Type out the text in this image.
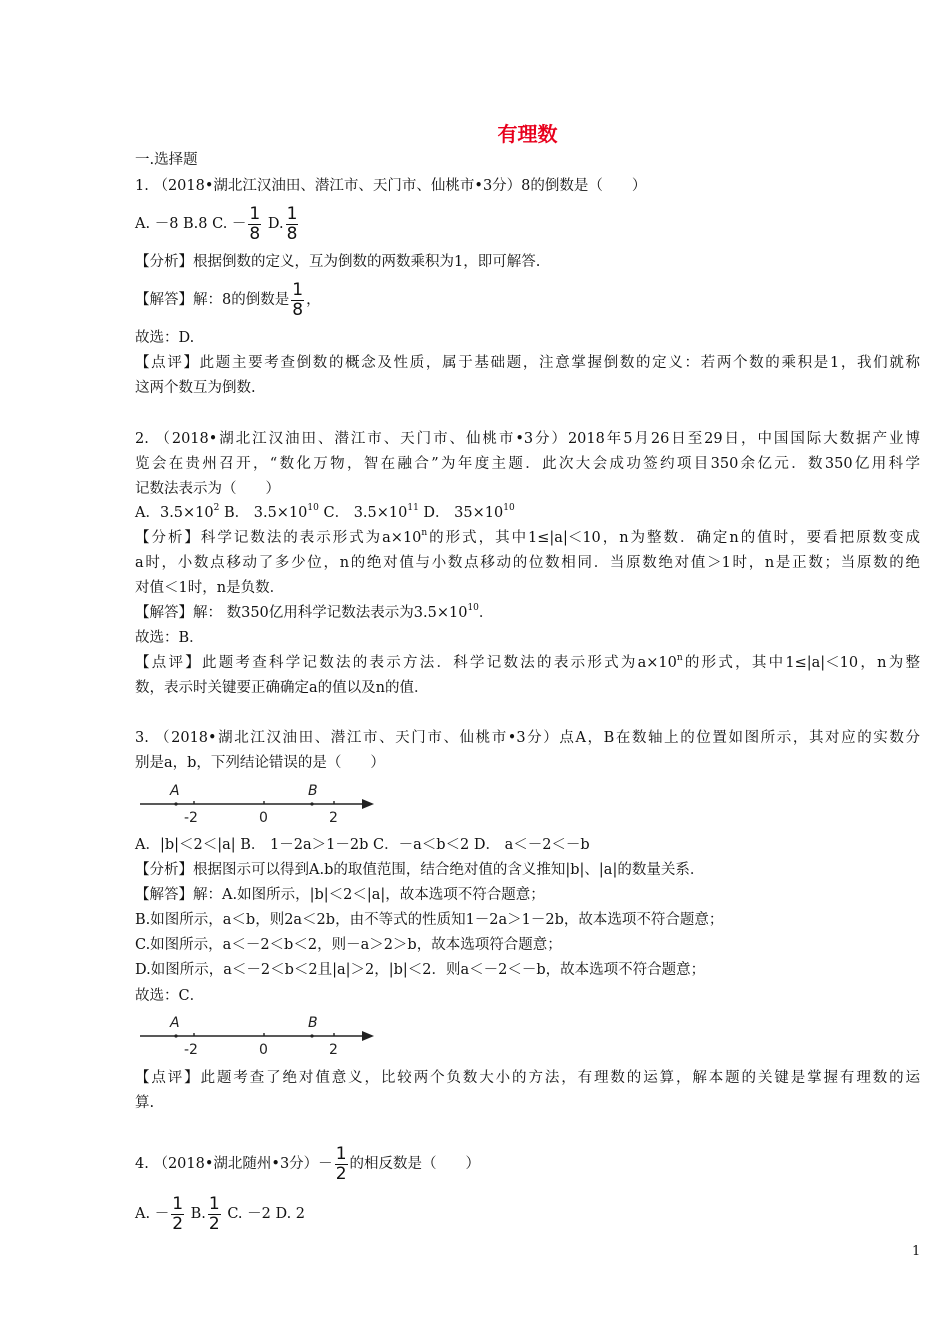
有理数
一.选择题
1. （2018•湖北江汉油田、潜江市、天门市、仙桃市•3分）8的倒数是（　　）
A. －8 B.8 C. － $\frac{1}{8} D$. $\frac{1}{8}$
【分析】根据倒数的定义，互为倒数的两数乘积为1，即可解答.
【解答】解：8的倒数是 $\frac{1}{8}$ ，
故选：D.
【点评】此题主要考查倒数的概念及性质，属于基础题，注意掌握倒数的定义：若两个数的乘积是1，我们就称
这两个数互为倒数.
2. （2018•湖北江汉油田、潜江市、天门市、仙桃市•3分）2018年5月26日至29日，中国国际大数据产业博
览会在贵州召开，“数化万物，智在融合”为年度主题．此次大会成功签约项目350余亿元．数350亿用科学
记数法表示为（　　）
A．$3.5\times 10^2$ B． $3.5\times 10^{10}$ C． $3.5\times 10^{11}$ D． $35\times 10^{10}$
【分析】科学记数法的表示形式为$a\times 10^n$的形式，其中1≤|a|＜10，n为整数．确定n的值时，要看把原数变成
a时，小数点移动了多少位，n的绝对值与小数点移动的位数相同．当原数绝对值＞1时，n是正数；当原数的绝
对值＜1时，n是负数．
【解答】解： 数350亿用科学记数法表示为$3.5\times 10^{10}$．
故选：B．
【点评】此题考查科学记数法的表示方法．科学记数法的表示形式为$a\times 10^n$的形式，其中1≤|a|＜10，n为整
数，表示时关键要正确确定a的值以及n的值．
3. （2018•湖北江汉油田、潜江市、天门市、仙桃市•3分）点A，B在数轴上的位置如图所示，其对应的实数分
别是a，b，下列结论错误的是（　　）
A	B
-2	0	2
A．|b|＜2＜|a| B． 1－2a＞1－2b C．－a＜b＜2 D． a＜－2＜－b
【分析】根据图示可以得到A.b的取值范围，结合绝对值的含义推知|b|、|a|的数量关系．
【解答】解：A.如图所示，|b|＜2＜|a|，故本选项不符合题意；
B.如图所示，a＜b，则2a＜2b，由不等式的性质知1－2a＞1－2b，故本选项不符合题意；
C.如图所示，a＜－2＜b＜2，则－a＞2＞b，故本选项符合题意；
D.如图所示，a＜－2＜b＜2且|a|＞2，|b|＜2．则a＜－2＜－b，故本选项不符合题意；
故选：C．
A	B
-2	0	2
【点评】此题考查了绝对值意义，比较两个负数大小的方法，有理数的运算，解本题的关键是掌握有理数的运
算.
4. （2018•湖北随州•3分）－ $\frac{1}{2}$ 的相反数是（　　）
A. － $\frac{1}{2} B$. $\frac{1}{2} C$. －2 D. 2
1
